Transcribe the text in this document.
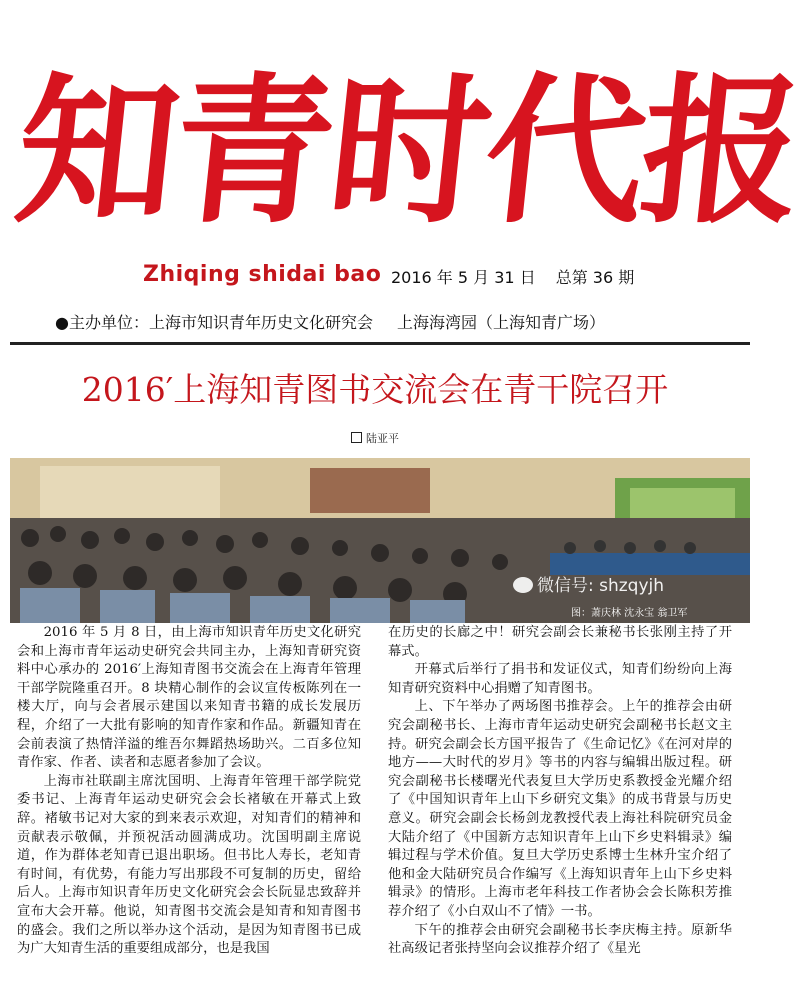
知
青
时
代
报
Zhiqing shidai bao 2016 年 5 月 31 日 总第 36 期
●主办单位：上海市知识青年历史文化研究会 上海海湾园（上海知青广场）
2016′上海知青图书交流会在青干院召开
陆亚平
微信号: shzqyjh
图：萧庆林 沈永宝 翁卫军

2016 年 5 月 8 日，由上海市知识青年历史文化研究会和上海市青年运动史研究会共同主办，上海知青研究资料中心承办的 2016′上海知青图书交流会在上海青年管理干部学院隆重召开。8 块精心制作的会议宣传板陈列在一楼大厅，向与会者展示建国以来知青书籍的成长发展历程，介绍了一大批有影响的知青作家和作品。新疆知青在会前表演了热情洋溢的维吾尔舞蹈热场助兴。二百多位知青作家、作者、读者和志愿者参加了会议。

上海市社联副主席沈国明、上海青年管理干部学院党委书记、上海青年运动史研究会会长褚敏在开幕式上致辞。褚敏书记对大家的到来表示欢迎，对知青们的精神和贡献表示敬佩，并预祝活动圆满成功。沈国明副主席说道，作为群体老知青已退出职场。但书比人寿长，老知青有时间，有优势，有能力写出那段不可复制的历史，留给后人。上海市知识青年历史文化研究会会长阮显忠致辞并宣布大会开幕。他说，知青图书交流会是知青和知青图书的盛会。我们之所以举办这个活动，是因为知青图书已成为广大知青生活的重要组成部分，也是我国

在历史的长廊之中！研究会副会长兼秘书长张刚主持了开幕式。

开幕式后举行了捐书和发证仪式，知青们纷纷向上海知青研究资料中心捐赠了知青图书。

上、下午举办了两场图书推荐会。上午的推荐会由研究会副秘书长、上海市青年运动史研究会副秘书长赵文主持。研究会副会长方国平报告了《生命记忆》《在河对岸的地方——大时代的岁月》等书的内容与编辑出版过程。研究会副秘书长楼曙光代表复旦大学历史系教授金光耀介绍了《中国知识青年上山下乡研究文集》的成书背景与历史意义。研究会副会长杨剑龙教授代表上海社科院研究员金大陆介绍了《中国新方志知识青年上山下乡史料辑录》编辑过程与学术价值。复旦大学历史系博士生林升宝介绍了他和金大陆研究员合作编写《上海知识青年上山下乡史料辑录》的情形。上海市老年科技工作者协会会长陈积芳推荐介绍了《小白双山不了情》一书。

下午的推荐会由研究会副秘书长李庆梅主持。原新华社高级记者张持坚向会议推荐介绍了《星光
